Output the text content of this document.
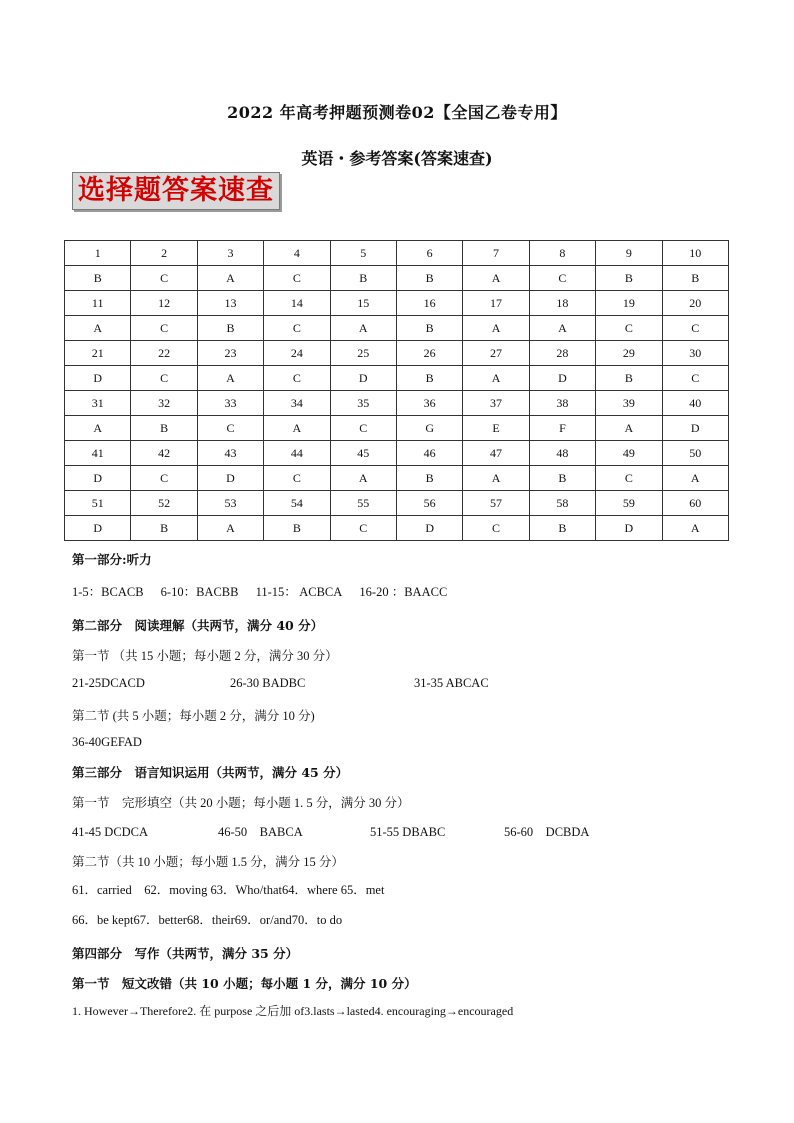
2022 年高考押题预测卷02【全国乙卷专用】
英语・参考答案(答案速查)
选择题答案速查
1	2	3	4	5	6	7	8	9	10
B	C	A	C	B	B	A	C	B	B
11	12	13	14	15	16	17	18	19	20
A	C	B	C	A	B	A	A	C	C
21	22	23	24	25	26	27	28	29	30
D	C	A	C	D	B	A	D	B	C
31	32	33	34	35	36	37	38	39	40
A	B	C	A	C	G	E	F	A	D
41	42	43	44	45	46	47	48	49	50
D	C	D	C	A	B	A	B	C	A
51	52	53	54	55	56	57	58	59	60
D	B	A	B	C	D	C	B	D	A
第一部分:听力
1-5：BCACB 6-10：BACBB 11-15： ACBCA 16-20 ：BAACC
第二部分　阅读理解（共两节，满分 40 分）
第一节 （共 15 小题；每小题 2 分，满分 30 分）
21-25DCACD	26-30 BADBC	31-35 ABCAC
第二节 (共 5 小题；每小题 2 分，满分 10 分)
36-40GEFAD
第三部分　语言知识运用（共两节，满分 45 分）
第一节　完形填空（共 20 小题；每小题 1. 5 分，满分 30 分）
41-45 DCDCA	46-50　BABCA	51-55 DBABC	56-60　DCBDA
第二节（共 10 小题；每小题 1.5 分，满分 15 分）
61．carried　62．moving 63．Who/that64．where 65．met
66．be kept67．better68．their69．or/and70．to do
第四部分　写作（共两节，满分 35 分）
第一节　短文改错（共 10 小题；每小题 1 分，满分 10 分）
1. However→Therefore2. 在 purpose 之后加 of3.lasts→lasted4. encouraging→encouraged
